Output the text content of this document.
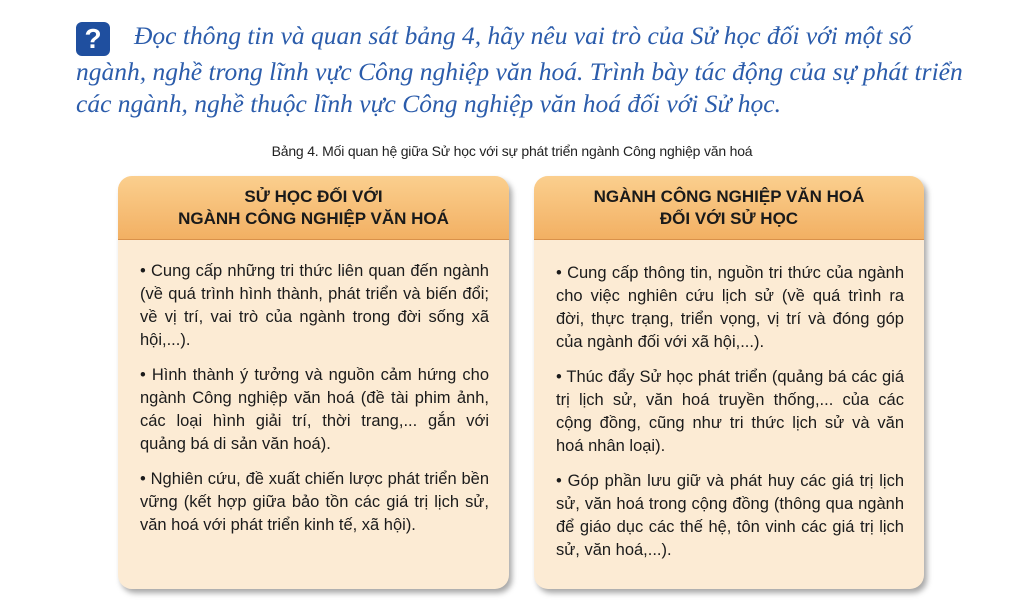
? Đọc thông tin và quan sát bảng 4, hãy nêu vai trò của Sử học đối với một số ngành, nghề trong lĩnh vực Công nghiệp văn hoá. Trình bày tác động của sự phát triển các ngành, nghề thuộc lĩnh vực Công nghiệp văn hoá đối với Sử học.

Bảng 4. Mối quan hệ giữa Sử học với sự phát triển ngành Công nghiệp văn hoá
SỬ HỌC ĐỐI VỚI
NGÀNH CÔNG NGHIỆP VĂN HOÁ

• Cung cấp những tri thức liên quan đến ngành (về quá trình hình thành, phát triển và biến đổi; về vị trí, vai trò của ngành trong đời sống xã hội,...).

• Hình thành ý tưởng và nguồn cảm hứng cho ngành Công nghiệp văn hoá (đề tài phim ảnh, các loại hình giải trí, thời trang,... gắn với quảng bá di sản văn hoá).

• Nghiên cứu, đề xuất chiến lược phát triển bền vững (kết hợp giữa bảo tồn các giá trị lịch sử, văn hoá với phát triển kinh tế, xã hội).

NGÀNH CÔNG NGHIỆP VĂN HOÁ
ĐỐI VỚI SỬ HỌC

• Cung cấp thông tin, nguồn tri thức của ngành cho việc nghiên cứu lịch sử (về quá trình ra đời, thực trạng, triển vọng, vị trí và đóng góp của ngành đối với xã hội,...).

• Thúc đẩy Sử học phát triển (quảng bá các giá trị lịch sử, văn hoá truyền thống,... của các cộng đồng, cũng như tri thức lịch sử và văn hoá nhân loại).

• Góp phần lưu giữ và phát huy các giá trị lịch sử, văn hoá trong cộng đồng (thông qua ngành để giáo dục các thế hệ, tôn vinh các giá trị lịch sử, văn hoá,...).
